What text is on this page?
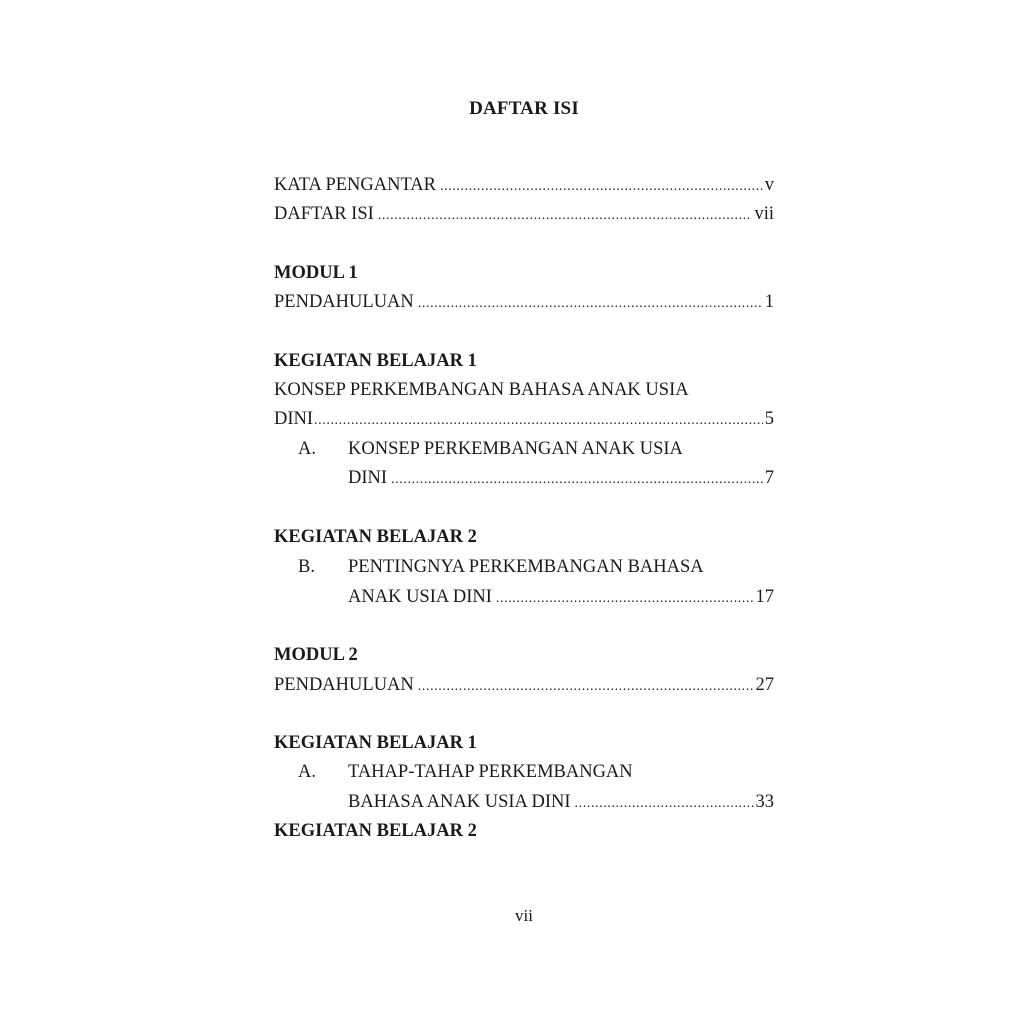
DAFTAR ISI
KATA PENGANTAR .....	v
DAFTAR ISI .....	vii
MODUL 1
PENDAHULUAN .....	1
KEGIATAN BELAJAR 1
KONSEP PERKEMBANGAN BAHASA ANAK USIA
DINI .....	5
A.	KONSEP PERKEMBANGAN ANAK USIA
DINI .....	7
KEGIATAN BELAJAR 2
B.	PENTINGNYA PERKEMBANGAN BAHASA
ANAK USIA DINI .....	17
MODUL 2
PENDAHULUAN .....	27
KEGIATAN BELAJAR 1
A.	TAHAP-TAHAP PERKEMBANGAN
BAHASA ANAK USIA DINI .....	33
KEGIATAN BELAJAR 2
vii
